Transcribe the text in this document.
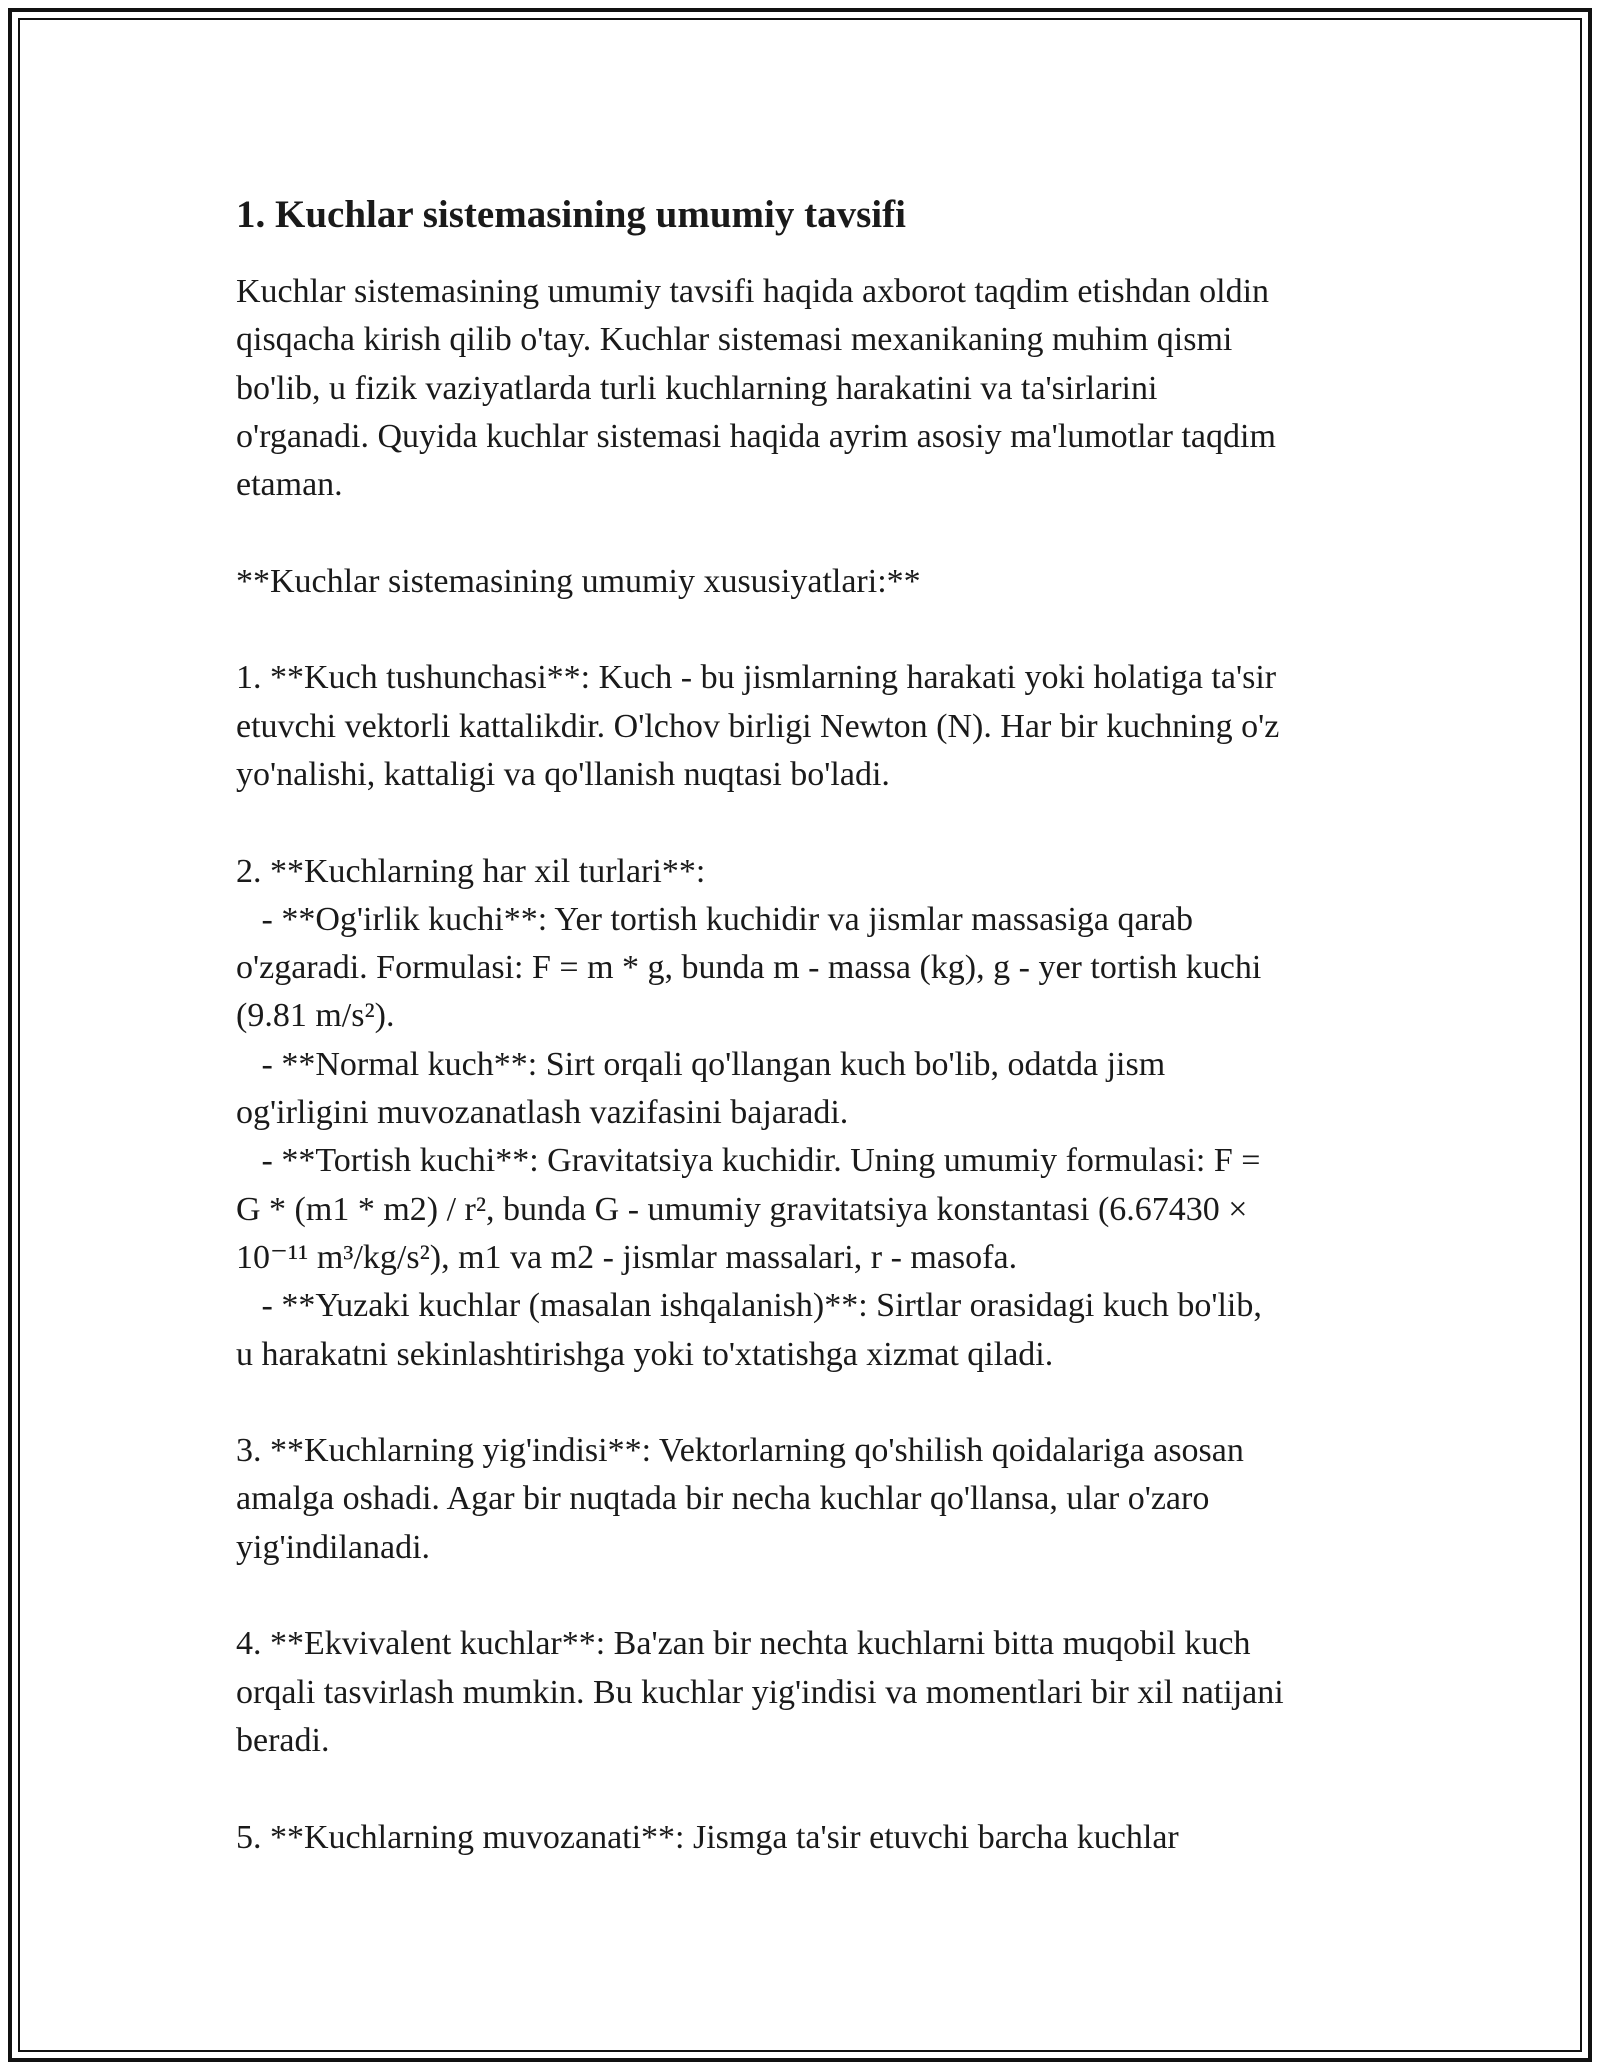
1. Kuchlar sistemasining umumiy tavsifi

Kuchlar sistemasining umumiy tavsifi haqida axborot taqdim etishdan oldin

qisqacha kirish qilib o'tay. Kuchlar sistemasi mexanikaning muhim qismi

bo'lib, u fizik vaziyatlarda turli kuchlarning harakatini va ta'sirlarini

o'rganadi. Quyida kuchlar sistemasi haqida ayrim asosiy ma'lumotlar taqdim

etaman.

**Kuchlar sistemasining umumiy xususiyatlari:**

1. **Kuch tushunchasi**: Kuch - bu jismlarning harakati yoki holatiga ta'sir

etuvchi vektorli kattalikdir. O'lchov birligi Newton (N). Har bir kuchning o'z

yo'nalishi, kattaligi va qo'llanish nuqtasi bo'ladi.

2. **Kuchlarning har xil turlari**:

- **Og'irlik kuchi**: Yer tortish kuchidir va jismlar massasiga qarab

o'zgaradi. Formulasi: F = m * g, bunda m - massa (kg), g - yer tortish kuchi

(9.81 m/s²).

- **Normal kuch**: Sirt orqali qo'llangan kuch bo'lib, odatda jism

og'irligini muvozanatlash vazifasini bajaradi.

- **Tortish kuchi**: Gravitatsiya kuchidir. Uning umumiy formulasi: F =

G * (m1 * m2) / r², bunda G - umumiy gravitatsiya konstantasi (6.67430 ×

10⁻¹¹ m³/kg/s²), m1 va m2 - jismlar massalari, r - masofa.

- **Yuzaki kuchlar (masalan ishqalanish)**: Sirtlar orasidagi kuch bo'lib,

u harakatni sekinlashtirishga yoki to'xtatishga xizmat qiladi.

3. **Kuchlarning yig'indisi**: Vektorlarning qo'shilish qoidalariga asosan

amalga oshadi. Agar bir nuqtada bir necha kuchlar qo'llansa, ular o'zaro

yig'indilanadi.

4. **Ekvivalent kuchlar**: Ba'zan bir nechta kuchlarni bitta muqobil kuch

orqali tasvirlash mumkin. Bu kuchlar yig'indisi va momentlari bir xil natijani

beradi.

5. **Kuchlarning muvozanati**: Jismga ta'sir etuvchi barcha kuchlar
